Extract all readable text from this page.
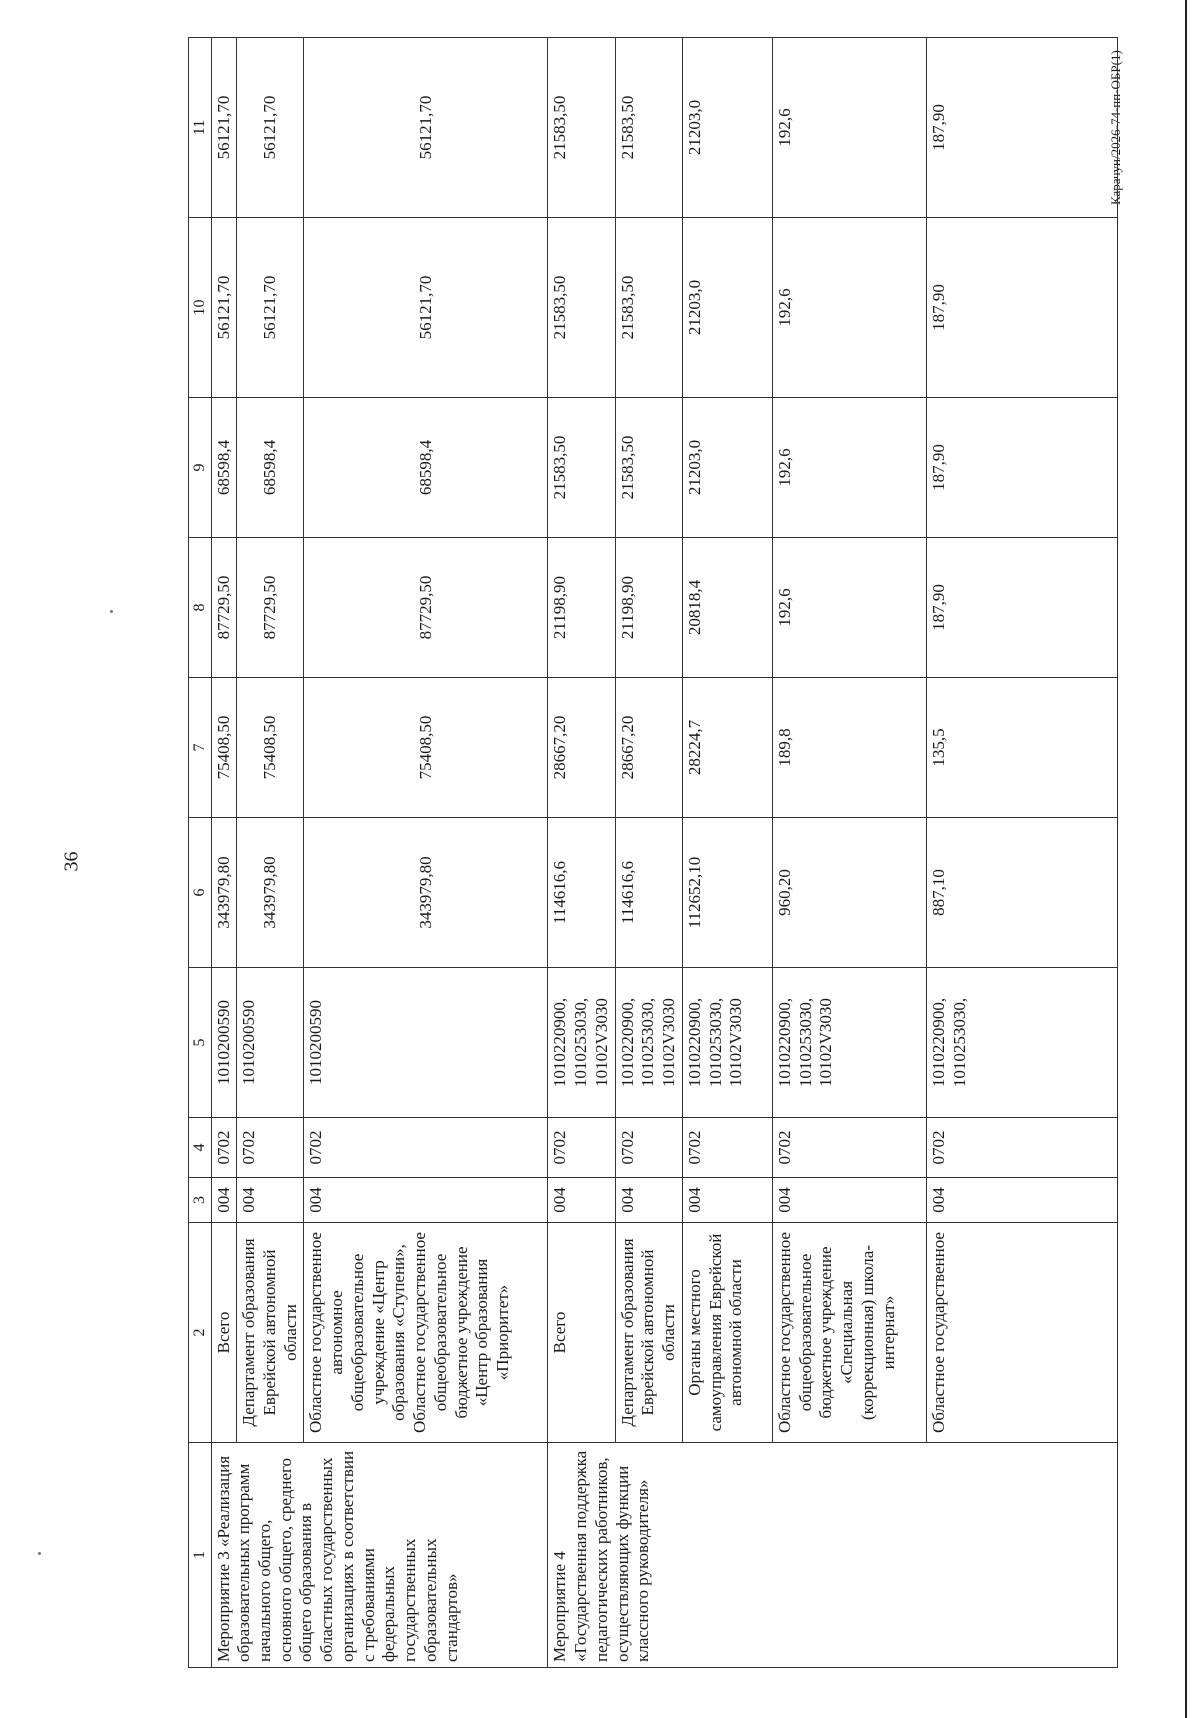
36
Карачун/2026-74-пп-ОБР(1)
1	2	3	4	5	6	7	8	9	10	11
Мероприятие 3 «Реализация образовательных программ начального общего, основного общего, среднего общего образования в областных государственных организациях в соответствии с требованиями федеральных государственных образовательных стандартов»	Всего	004	0702	1010200590	343979,80	75408,50	87729,50	68598,4	56121,70	56121,70
	Департамент образования Еврейской автономной области	004	0702	1010200590	343979,80	75408,50	87729,50	68598,4	56121,70	56121,70
	Областное государственное автономное общеобразовательное учреждение «Центр образования «Ступени», Областное государственное общеобразовательное бюджетное учреждение «Центр образования «Приоритет»	004	0702	1010200590	343979,80	75408,50	87729,50	68598,4	56121,70	56121,70
Мероприятие 4 «Государственная поддержка педагогических работников, осуществляющих функции классного руководителя»	Всего	004	0702	1010220900,
1010253030,
10102V3030	114616,6	28667,20	21198,90	21583,50	21583,50	21583,50
	Департамент образования Еврейской автономной области	004	0702	1010220900,
1010253030,
10102V3030	114616,6	28667,20	21198,90	21583,50	21583,50	21583,50
	Органы местного самоуправления Еврейской автономной области	004	0702	1010220900,
1010253030,
10102V3030	112652,10	28224,7	20818,4	21203,0	21203,0	21203,0
	Областное государственное общеобразовательное бюджетное учреждение «Специальная (коррекционная) школа-интернат»	004	0702	1010220900,
1010253030,
10102V3030	960,20	189,8	192,6	192,6	192,6	192,6
	Областное государственное	004	0702	1010220900,
1010253030,	887,10	135,5	187,90	187,90	187,90	187,90
